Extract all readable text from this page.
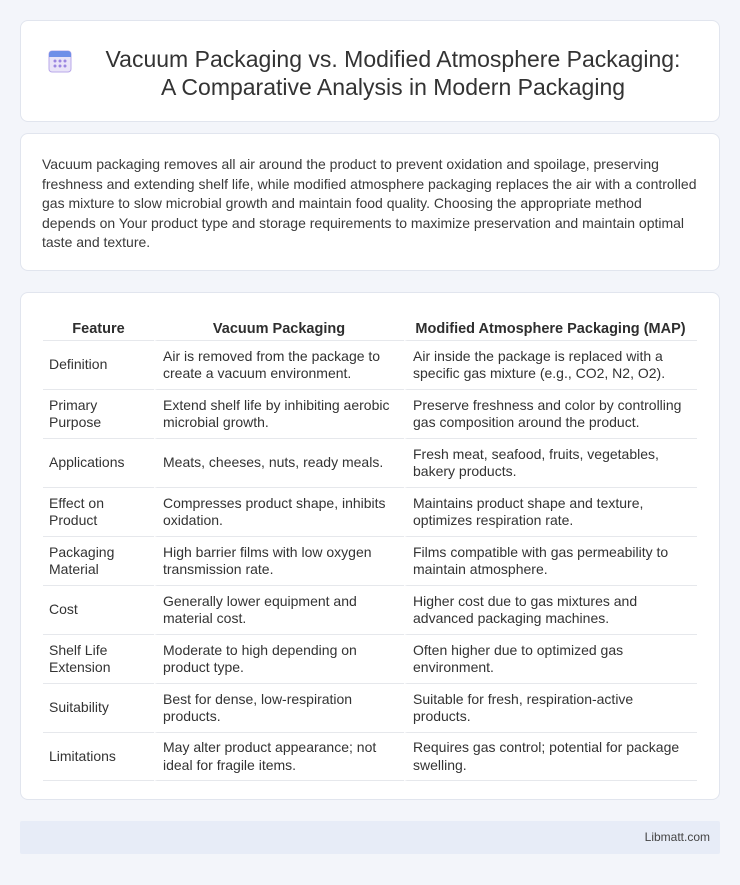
Vacuum Packaging vs. Modified Atmosphere Packaging:
A Comparative Analysis in Modern Packaging

Vacuum packaging removes all air around the product to prevent oxidation and spoilage, preserving freshness and extending shelf life, while modified atmosphere packaging replaces the air with a controlled gas mixture to slow microbial growth and maintain food quality. Choosing the appropriate method depends on Your product type and storage requirements to maximize preservation and maintain optimal taste and texture.

Feature	Vacuum Packaging	Modified Atmosphere Packaging (MAP)
Definition	Air is removed from the package to create a vacuum environment.	Air inside the package is replaced with a specific gas mixture (e.g., CO2, N2, O2).
Primary Purpose	Extend shelf life by inhibiting aerobic microbial growth.	Preserve freshness and color by controlling gas composition around the product.
Applications	Meats, cheeses, nuts, ready meals.	Fresh meat, seafood, fruits, vegetables, bakery products.
Effect on Product	Compresses product shape, inhibits oxidation.	Maintains product shape and texture, optimizes respiration rate.
Packaging Material	High barrier films with low oxygen transmission rate.	Films compatible with gas permeability to maintain atmosphere.
Cost	Generally lower equipment and material cost.	Higher cost due to gas mixtures and advanced packaging machines.
Shelf Life Extension	Moderate to high depending on product type.	Often higher due to optimized gas environment.
Suitability	Best for dense, low-respiration products.	Suitable for fresh, respiration-active products.
Limitations	May alter product appearance; not ideal for fragile items.	Requires gas control; potential for package swelling.
Libmatt.com
